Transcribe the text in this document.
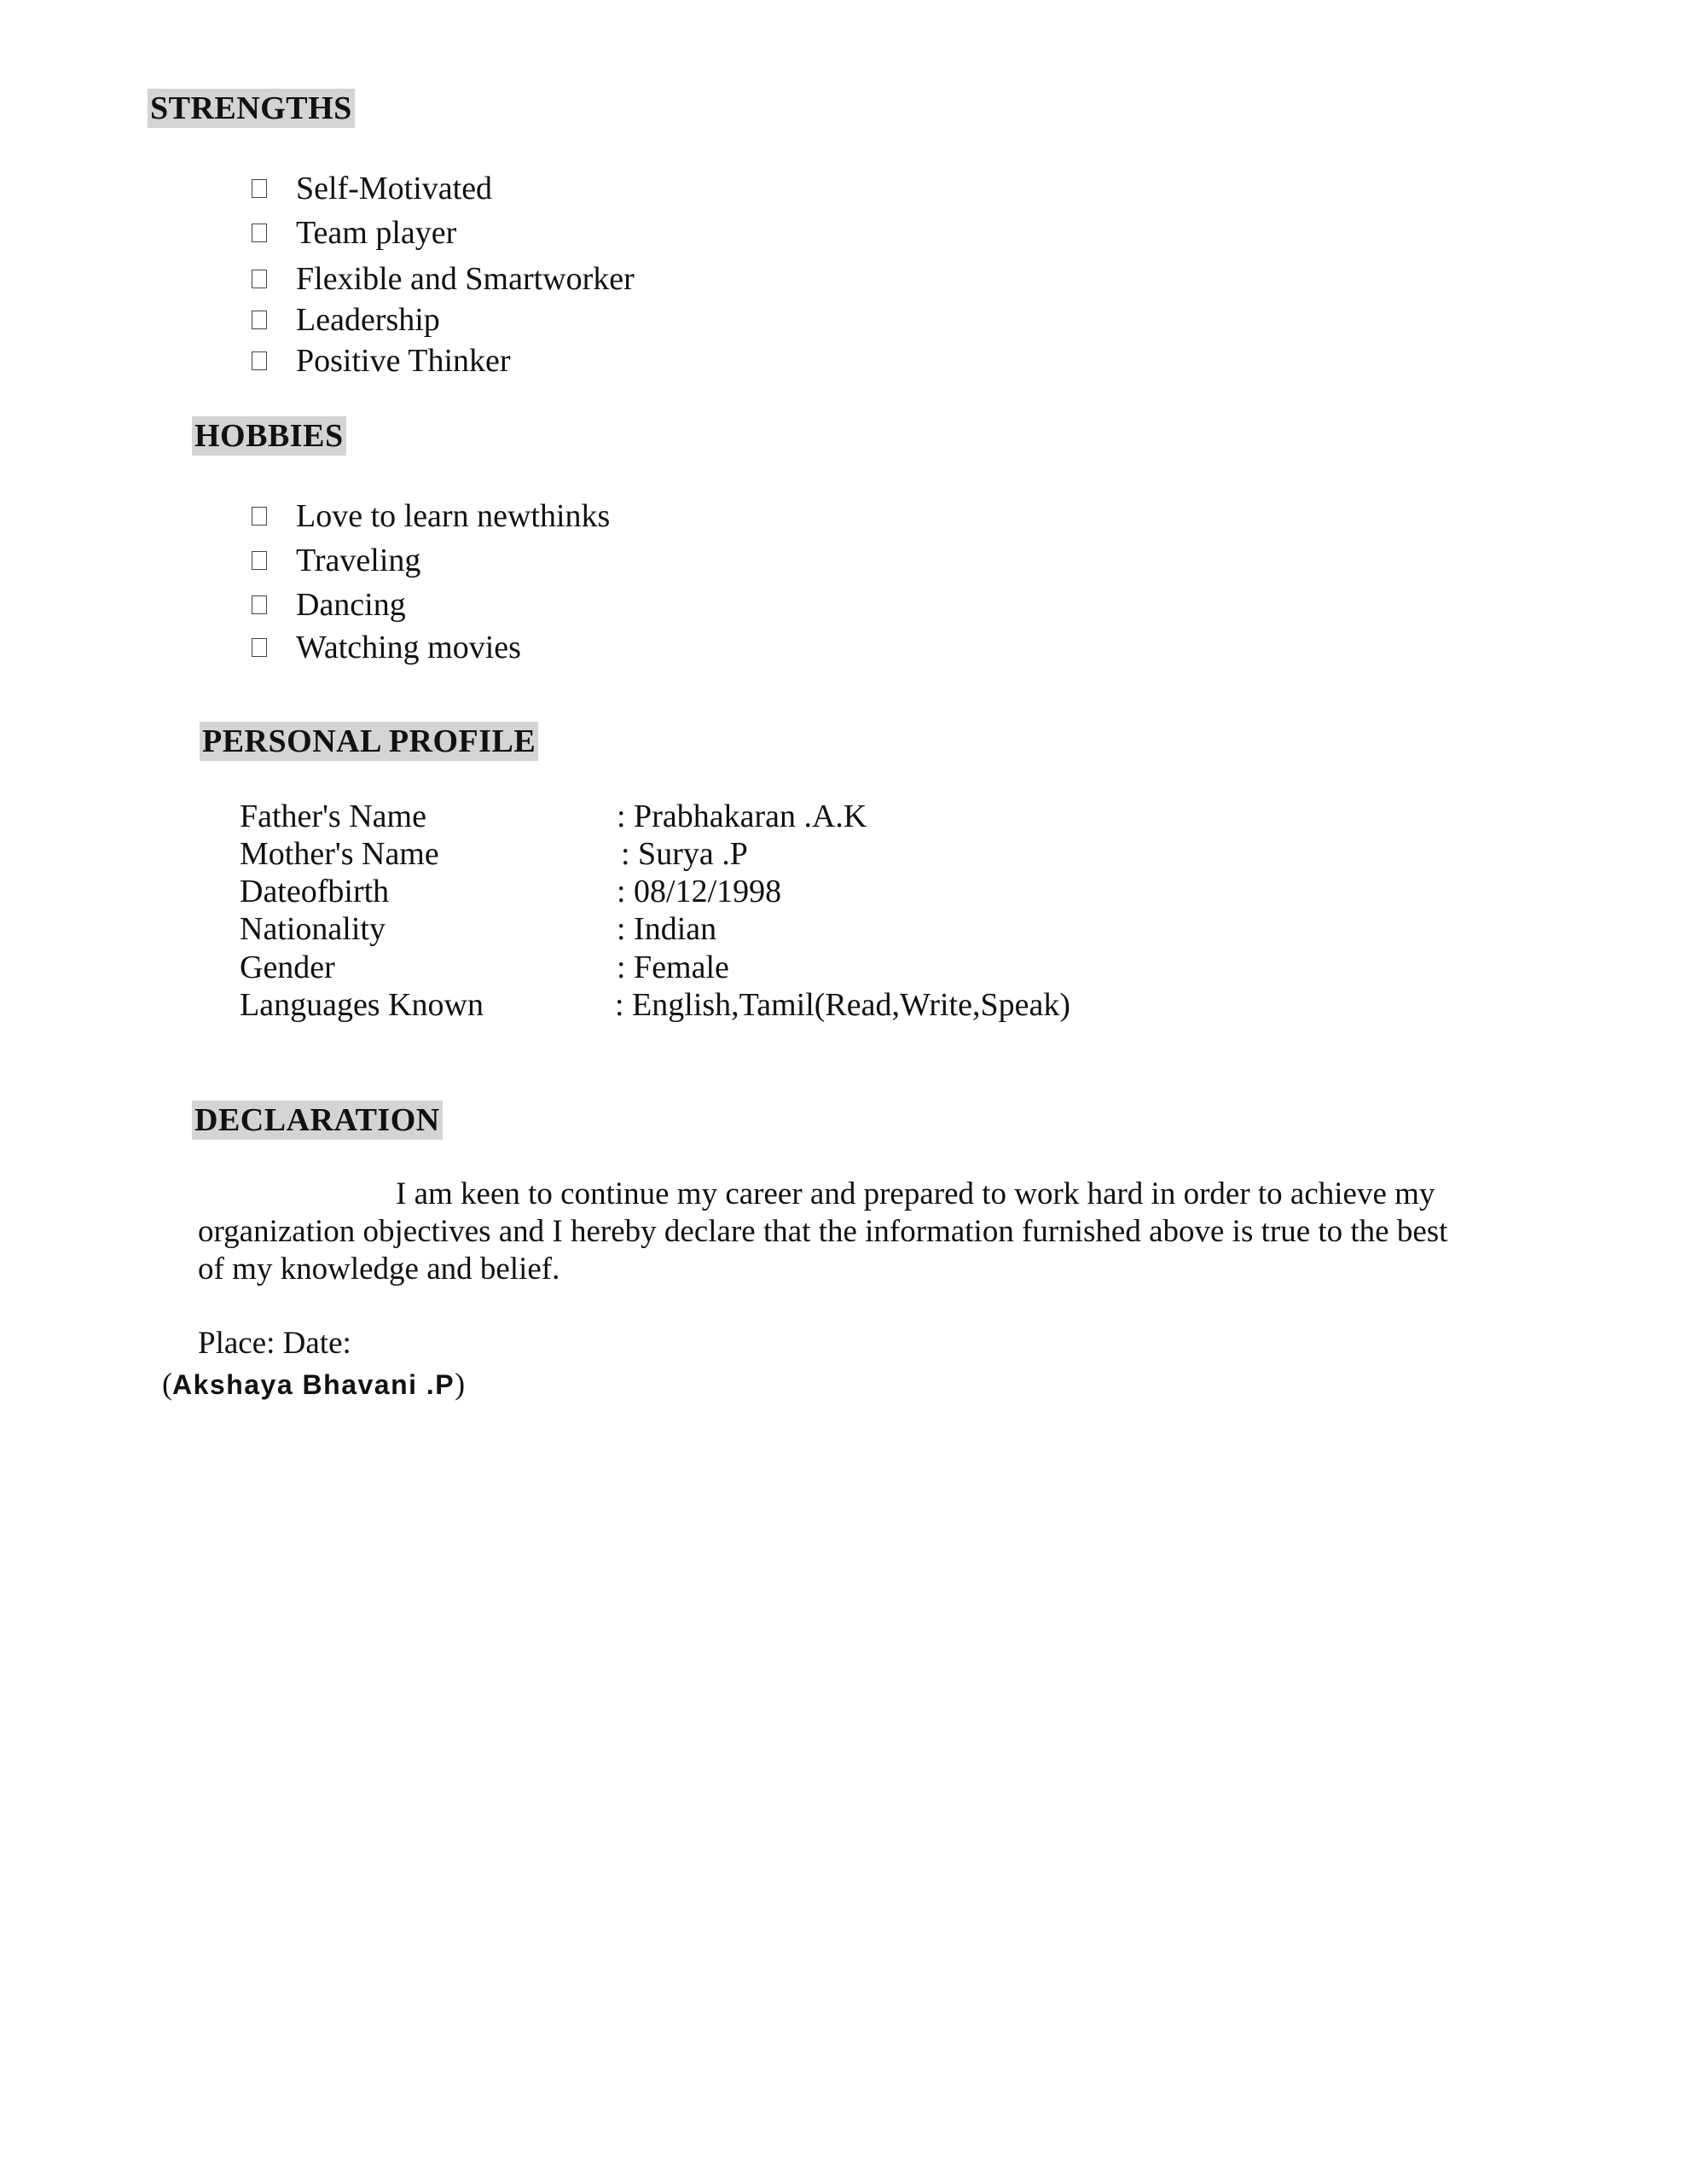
STRENGTHS
Self-Motivated
Team player
Flexible and Smartworker
Leadership
Positive Thinker
HOBBIES
Love to learn newthinks
Traveling
Dancing
Watching movies
PERSONAL PROFILE
Father's Name	: Prabhakaran .A.K
Mother's Name	: Surya .P
Dateofbirth	: 08/12/1998
Nationality	: Indian
Gender	: Female
Languages Known	: English,Tamil(Read,Write,Speak)
DECLARATION
I am keen to continue my career and prepared to work hard in order to achieve my
organization objectives and I hereby declare that the information furnished above is true to the best
of my knowledge and belief.
Place: Date:
(Akshaya Bhavani .P)
